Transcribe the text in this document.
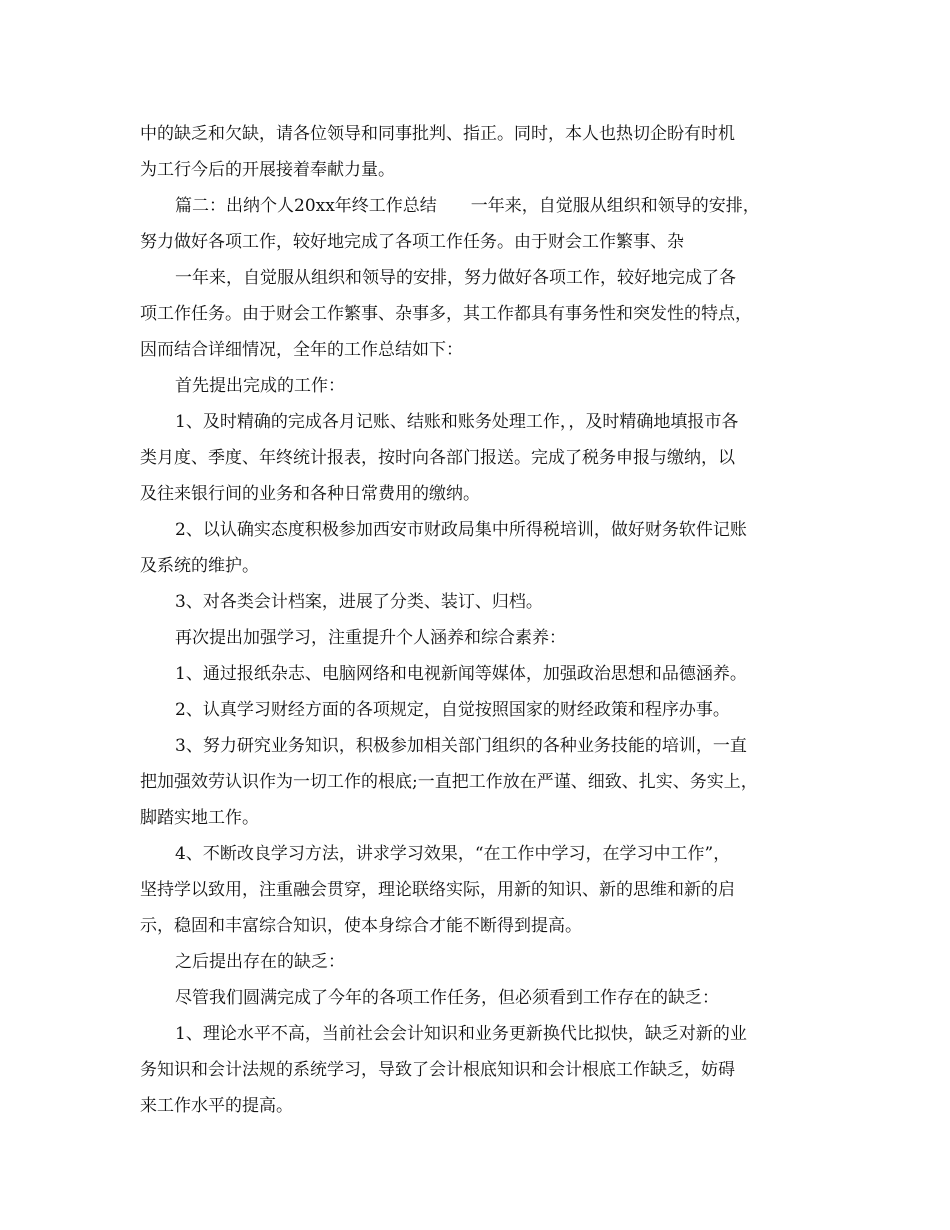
中的缺乏和欠缺，请各位领导和同事批判、指正。同时，本人也热切企盼有时机
为工行今后的开展接着奉献力量。
篇二：出纳个人20xx年终工作总结　　一年来，自觉服从组织和领导的安排，
努力做好各项工作，较好地完成了各项工作任务。由于财会工作繁事、杂
一年来，自觉服从组织和领导的安排，努力做好各项工作，较好地完成了各
项工作任务。由于财会工作繁事、杂事多，其工作都具有事务性和突发性的特点，
因而结合详细情况，全年的工作总结如下：
首先提出完成的工作：
1、及时精确的完成各月记账、结账和账务处理工作，，及时精确地填报市各
类月度、季度、年终统计报表，按时向各部门报送。完成了税务申报与缴纳，以
及往来银行间的业务和各种日常费用的缴纳。
2、以认确实态度积极参加西安市财政局集中所得税培训，做好财务软件记账
及系统的维护。
3、对各类会计档案，进展了分类、装订、归档。
再次提出加强学习，注重提升个人涵养和综合素养：
1、通过报纸杂志、电脑网络和电视新闻等媒体，加强政治思想和品德涵养。
2、认真学习财经方面的各项规定，自觉按照国家的财经政策和程序办事。
3、努力研究业务知识，积极参加相关部门组织的各种业务技能的培训，一直
把加强效劳认识作为一切工作的根底;一直把工作放在严谨、细致、扎实、务实上，
脚踏实地工作。
4、不断改良学习方法，讲求学习效果，“在工作中学习，在学习中工作”，
坚持学以致用，注重融会贯穿，理论联络实际，用新的知识、新的思维和新的启
示，稳固和丰富综合知识，使本身综合才能不断得到提高。
之后提出存在的缺乏：
尽管我们圆满完成了今年的各项工作任务，但必须看到工作存在的缺乏：
1、理论水平不高，当前社会会计知识和业务更新换代比拟快，缺乏对新的业
务知识和会计法规的系统学习，导致了会计根底知识和会计根底工作缺乏，妨碍
来工作水平的提高。
